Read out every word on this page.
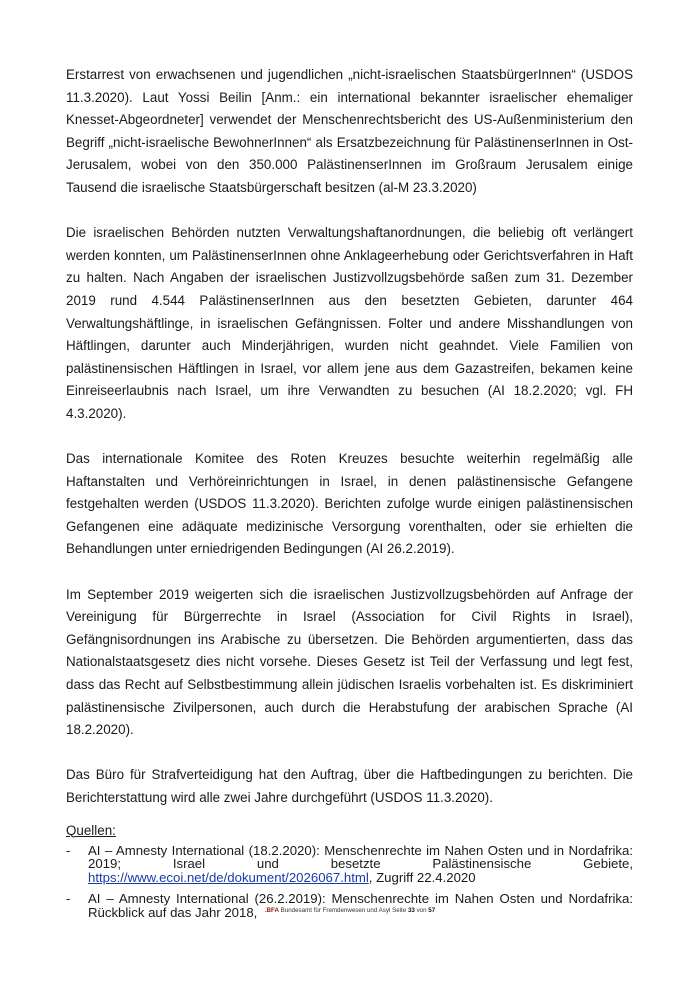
Erstarrest von erwachsenen und jugendlichen „nicht-israelischen StaatsbürgerInnen“ (USDOS 11.3.2020). Laut Yossi Beilin [Anm.: ein international bekannter israelischer ehemaliger Knesset-Abgeordneter] verwendet der Menschenrechtsbericht des US-Außenministerium den Begriff „nicht-israelische BewohnerInnen“ als Ersatzbezeichnung für PalästinenserInnen in Ost-Jerusalem, wobei von den 350.000 PalästinenserInnen im Großraum Jerusalem einige Tausend die israelische Staatsbürgerschaft besitzen (al-M 23.3.2020)

Die israelischen Behörden nutzten Verwaltungshaftanordnungen, die beliebig oft verlängert werden konnten, um PalästinenserInnen ohne Anklageerhebung oder Gerichtsverfahren in Haft zu halten. Nach Angaben der israelischen Justizvollzugsbehörde saßen zum 31. Dezember 2019 rund 4.544 PalästinenserInnen aus den besetzten Gebieten, darunter 464 Verwaltungshäftlinge, in israelischen Gefängnissen. Folter und andere Misshandlungen von Häftlingen, darunter auch Minderjährigen, wurden nicht geahndet. Viele Familien von palästinensischen Häftlingen in Israel, vor allem jene aus dem Gazastreifen, bekamen keine Einreiseerlaubnis nach Israel, um ihre Verwandten zu besuchen (AI 18.2.2020; vgl. FH 4.3.2020).

Das internationale Komitee des Roten Kreuzes besuchte weiterhin regelmäßig alle Haftanstalten und Verhöreinrichtungen in Israel, in denen palästinensische Gefangene festgehalten werden (USDOS 11.3.2020). Berichten zufolge wurde einigen palästinensischen Gefangenen eine adäquate medizinische Versorgung vorenthalten, oder sie erhielten die Behandlungen unter erniedrigenden Bedingungen (AI 26.2.2019).

Im September 2019 weigerten sich die israelischen Justizvollzugsbehörden auf Anfrage der Vereinigung für Bürgerrechte in Israel (Association for Civil Rights in Israel), Gefängnisordnungen ins Arabische zu übersetzen. Die Behörden argumentierten, dass das Nationalstaatsgesetz dies nicht vorsehe. Dieses Gesetz ist Teil der Verfassung und legt fest, dass das Recht auf Selbstbestimmung allein jüdischen Israelis vorbehalten ist. Es diskriminiert palästinensische Zivilpersonen, auch durch die Herabstufung der arabischen Sprache (AI 18.2.2020).

Das Büro für Strafverteidigung hat den Auftrag, über die Haftbedingungen zu berichten. Die Berichterstattung wird alle zwei Jahre durchgeführt (USDOS 11.3.2020).

Quellen:
- AI – Amnesty International (18.2.2020): Menschenrechte im Nahen Osten und in Nordafrika: 2019; Israel und besetzte Palästinensische Gebiete, https://www.ecoi.net/de/dokument/2026067.html, Zugriff 22.4.2020
- AI – Amnesty International (26.2.2019): Menschenrechte im Nahen Osten und Nordafrika: Rückblick auf das Jahr 2018,	.BFA Bundesamt für Fremdenwesen und Asyl Seite 33 von 57
